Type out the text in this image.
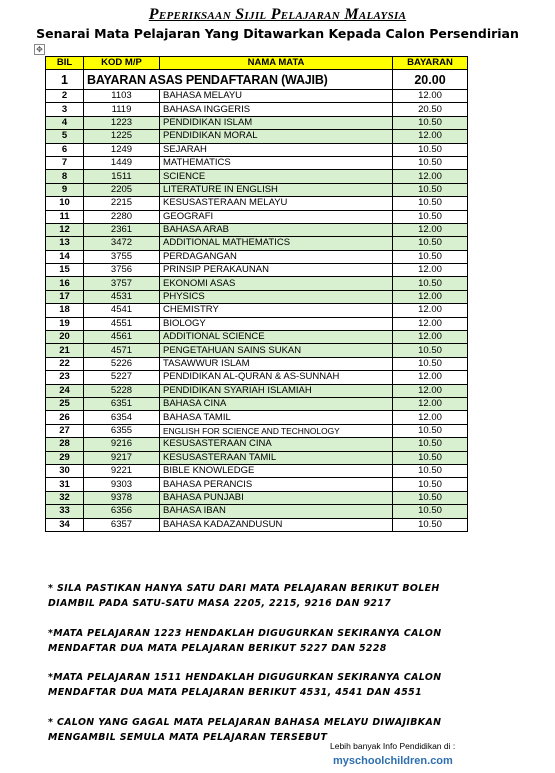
Peperiksaan Sijil Pelajaran Malaysia
Senarai Mata Pelajaran Yang Ditawarkan Kepada Calon Persendirian
✥
BIL	KOD M/P	NAMA MATA	BAYARAN
1	BAYARAN ASAS PENDAFTARAN (WAJIB)		20.00
2	1103	BAHASA MELAYU	12.00
3	1119	BAHASA INGGERIS	20.50
4	1223	PENDIDIKAN ISLAM	10.50
5	1225	PENDIDIKAN MORAL	12.00
6	1249	SEJARAH	10.50
7	1449	MATHEMATICS	10.50
8	1511	SCIENCE	12.00
9	2205	LITERATURE IN ENGLISH	10.50
10	2215	KESUSASTERAAN MELAYU	10.50
11	2280	GEOGRAFI	10.50
12	2361	BAHASA ARAB	12.00
13	3472	ADDITIONAL MATHEMATICS	10.50
14	3755	PERDAGANGAN	10.50
15	3756	PRINSIP PERAKAUNAN	12.00
16	3757	EKONOMI ASAS	10.50
17	4531	PHYSICS	12.00
18	4541	CHEMISTRY	12.00
19	4551	BIOLOGY	12.00
20	4561	ADDITIONAL SCIENCE	12.00
21	4571	PENGETAHUAN SAINS SUKAN	10.50
22	5226	TASAWWUR ISLAM	10.50
23	5227	PENDIDIKAN AL-QURAN & AS-SUNNAH	12.00
24	5228	PENDIDIKAN SYARIAH ISLAMIAH	12.00
25	6351	BAHASA CINA	12.00
26	6354	BAHASA TAMIL	12.00
27	6355	ENGLISH FOR SCIENCE AND TECHNOLOGY	10.50
28	9216	KESUSASTERAAN CINA	10.50
29	9217	KESUSASTERAAN TAMIL	10.50
30	9221	BIBLE KNOWLEDGE	10.50
31	9303	BAHASA PERANCIS	10.50
32	9378	BAHASA PUNJABI	10.50
33	6356	BAHASA IBAN	10.50
34	6357	BAHASA KADAZANDUSUN	10.50
* SILA PASTIKAN HANYA SATU DARI MATA PELAJARAN BERIKUT BOLEH
DIAMBIL PADA SATU-SATU MASA 2205, 2215, 9216 DAN 9217
*MATA PELAJARAN 1223 HENDAKLAH DIGUGURKAN SEKIRANYA CALON
MENDAFTAR DUA MATA PELAJARAN BERIKUT 5227 DAN 5228
*MATA PELAJARAN 1511 HENDAKLAH DIGUGURKAN SEKIRANYA CALON
MENDAFTAR DUA MATA PELAJARAN BERIKUT 4531, 4541 DAN 4551
* CALON YANG GAGAL MATA PELAJARAN BAHASA MELAYU DIWAJIBKAN
MENGAMBIL SEMULA MATA PELAJARAN TERSEBUT
Lebih banyak Info Pendidikan di :
myschoolchildren.com
